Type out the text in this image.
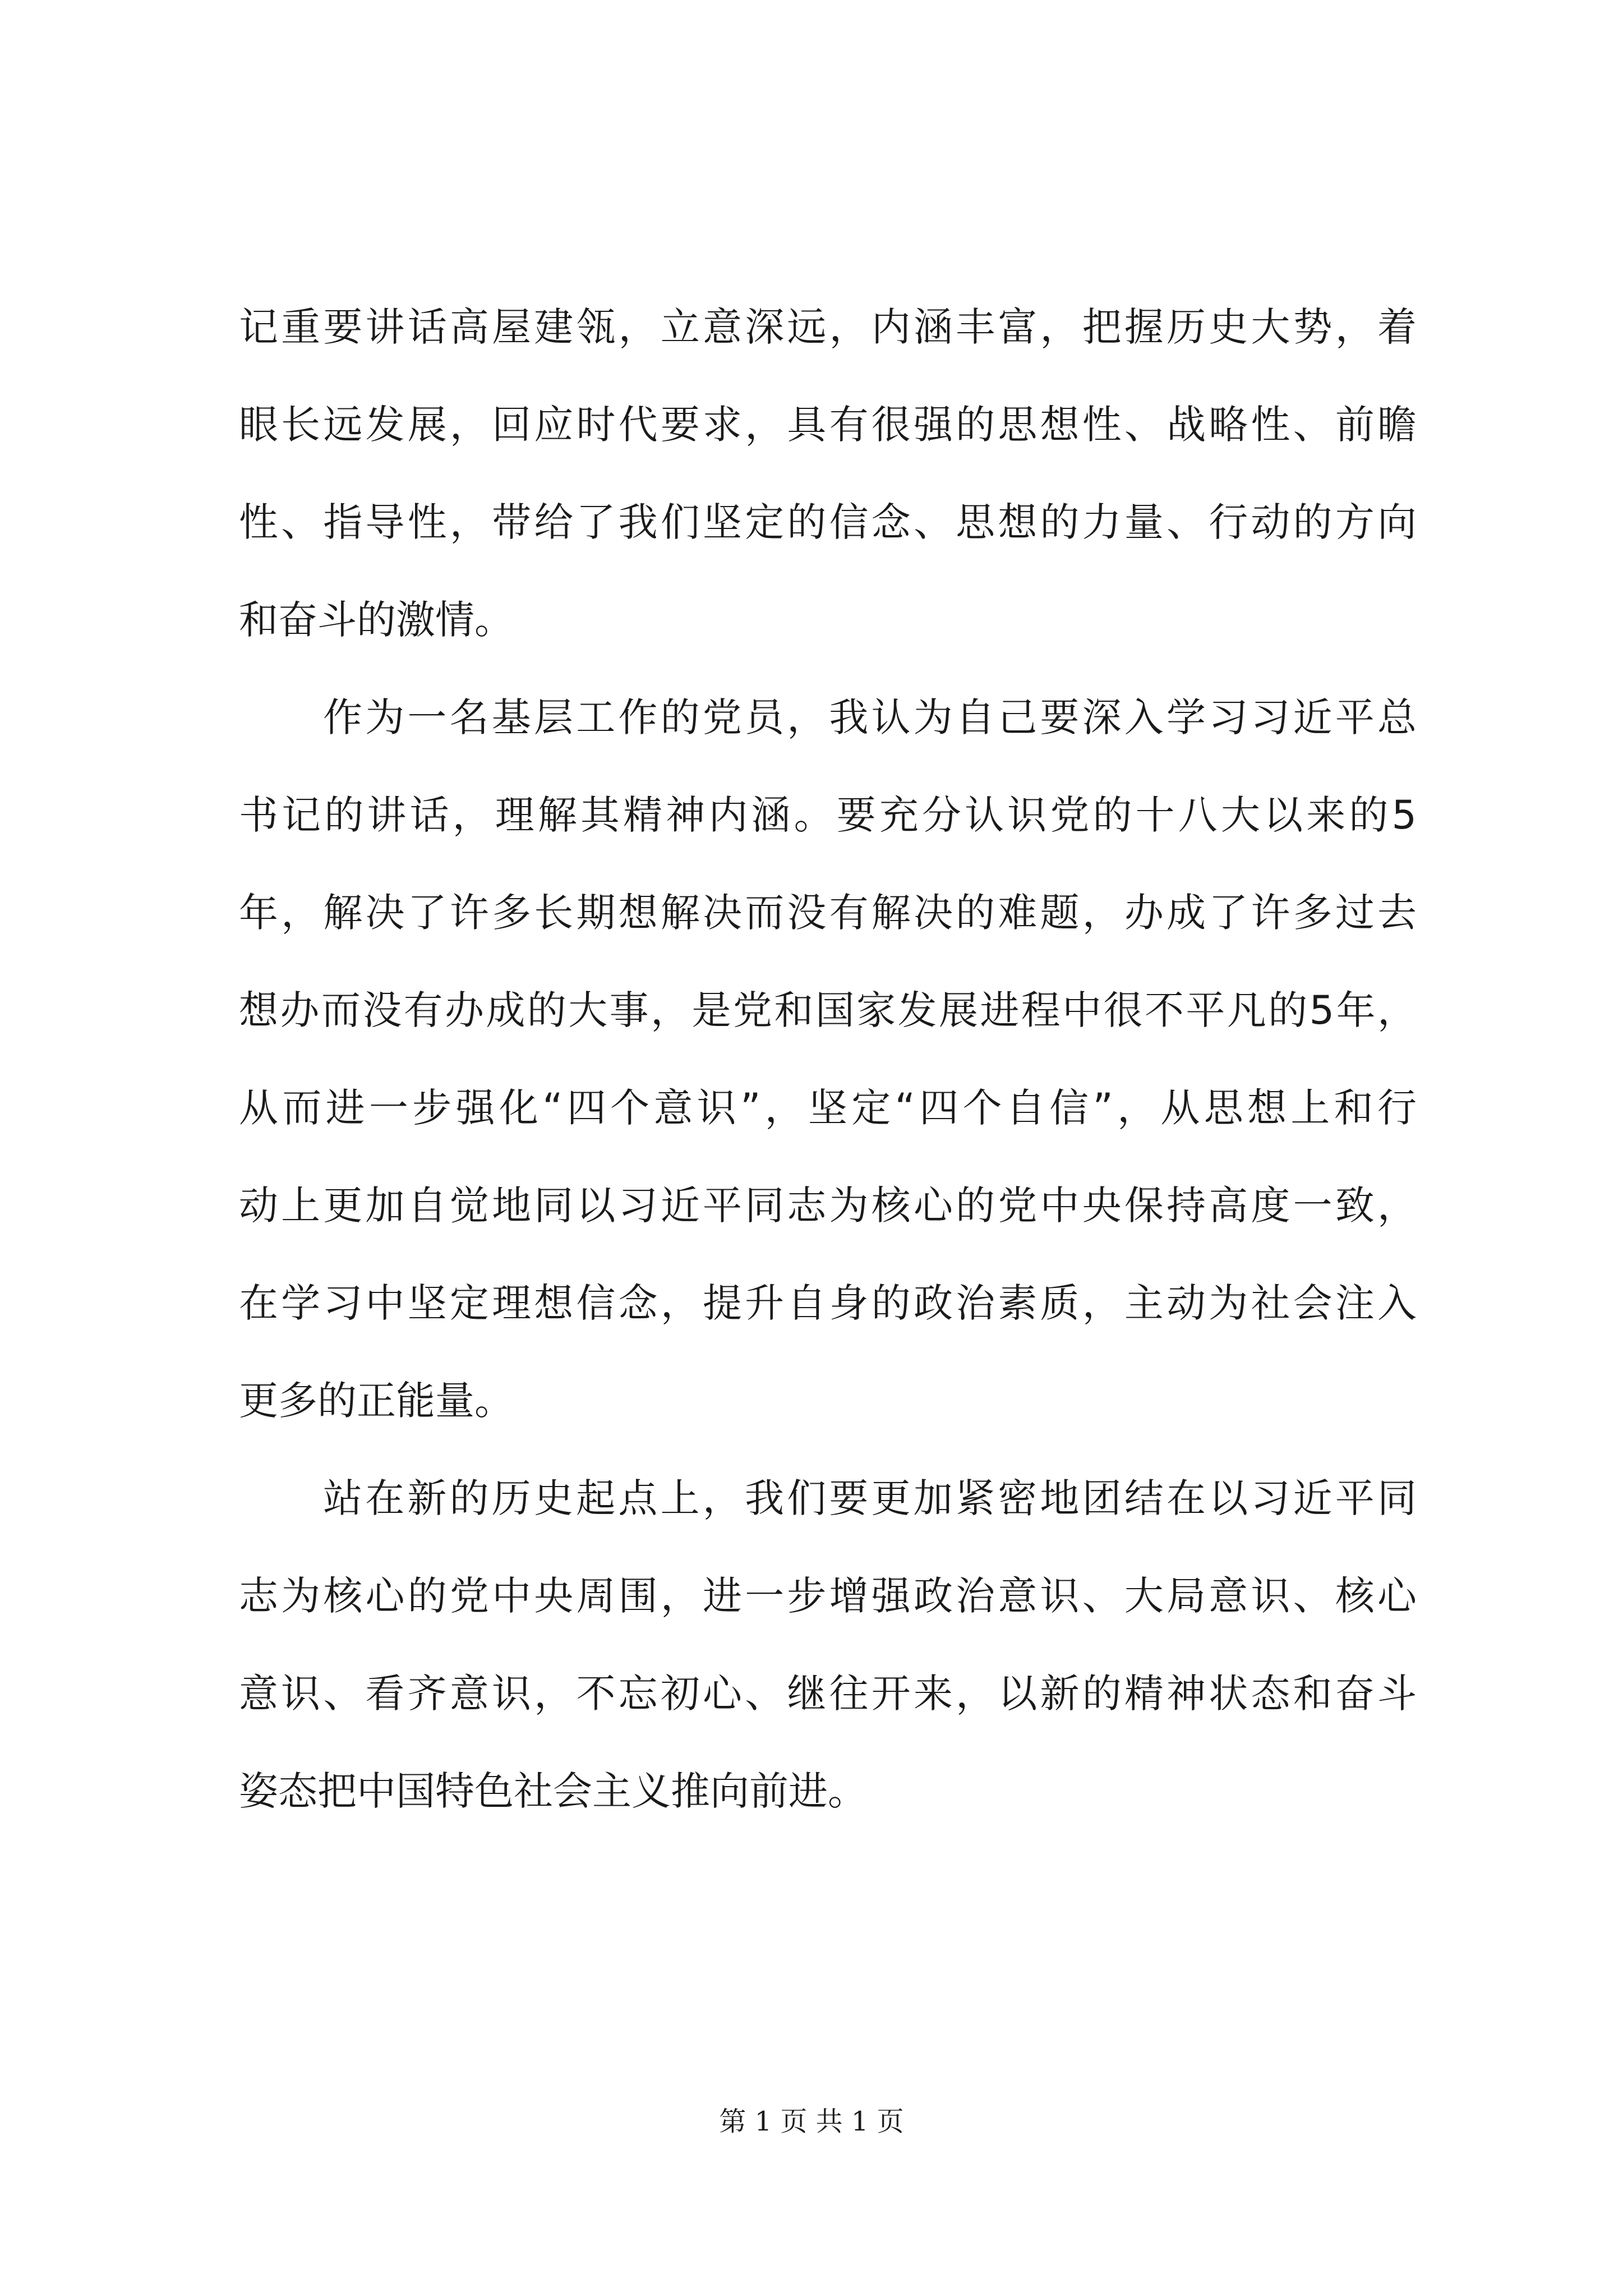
记重要讲话高屋建瓴，立意深远，内涵丰富，把握历史大势，着
眼长远发展，回应时代要求，具有很强的思想性、战略性、前瞻
性、指导性，带给了我们坚定的信念、思想的力量、行动的方向
和奋斗的激情。
作为一名基层工作的党员，我认为自己要深入学习习近平总
书记的讲话，理解其精神内涵。要充分认识党的十八大以来的5
年，解决了许多长期想解决而没有解决的难题，办成了许多过去
想办而没有办成的大事，是党和国家发展进程中很不平凡的5年，
从而进一步强化“四个意识”，坚定“四个自信”，从思想上和行
动上更加自觉地同以习近平同志为核心的党中央保持高度一致，
在学习中坚定理想信念，提升自身的政治素质，主动为社会注入
更多的正能量。
站在新的历史起点上，我们要更加紧密地团结在以习近平同
志为核心的党中央周围，进一步增强政治意识、大局意识、核心
意识、看齐意识，不忘初心、继往开来，以新的精神状态和奋斗
姿态把中国特色社会主义推向前进。
第 1 页 共 1 页
